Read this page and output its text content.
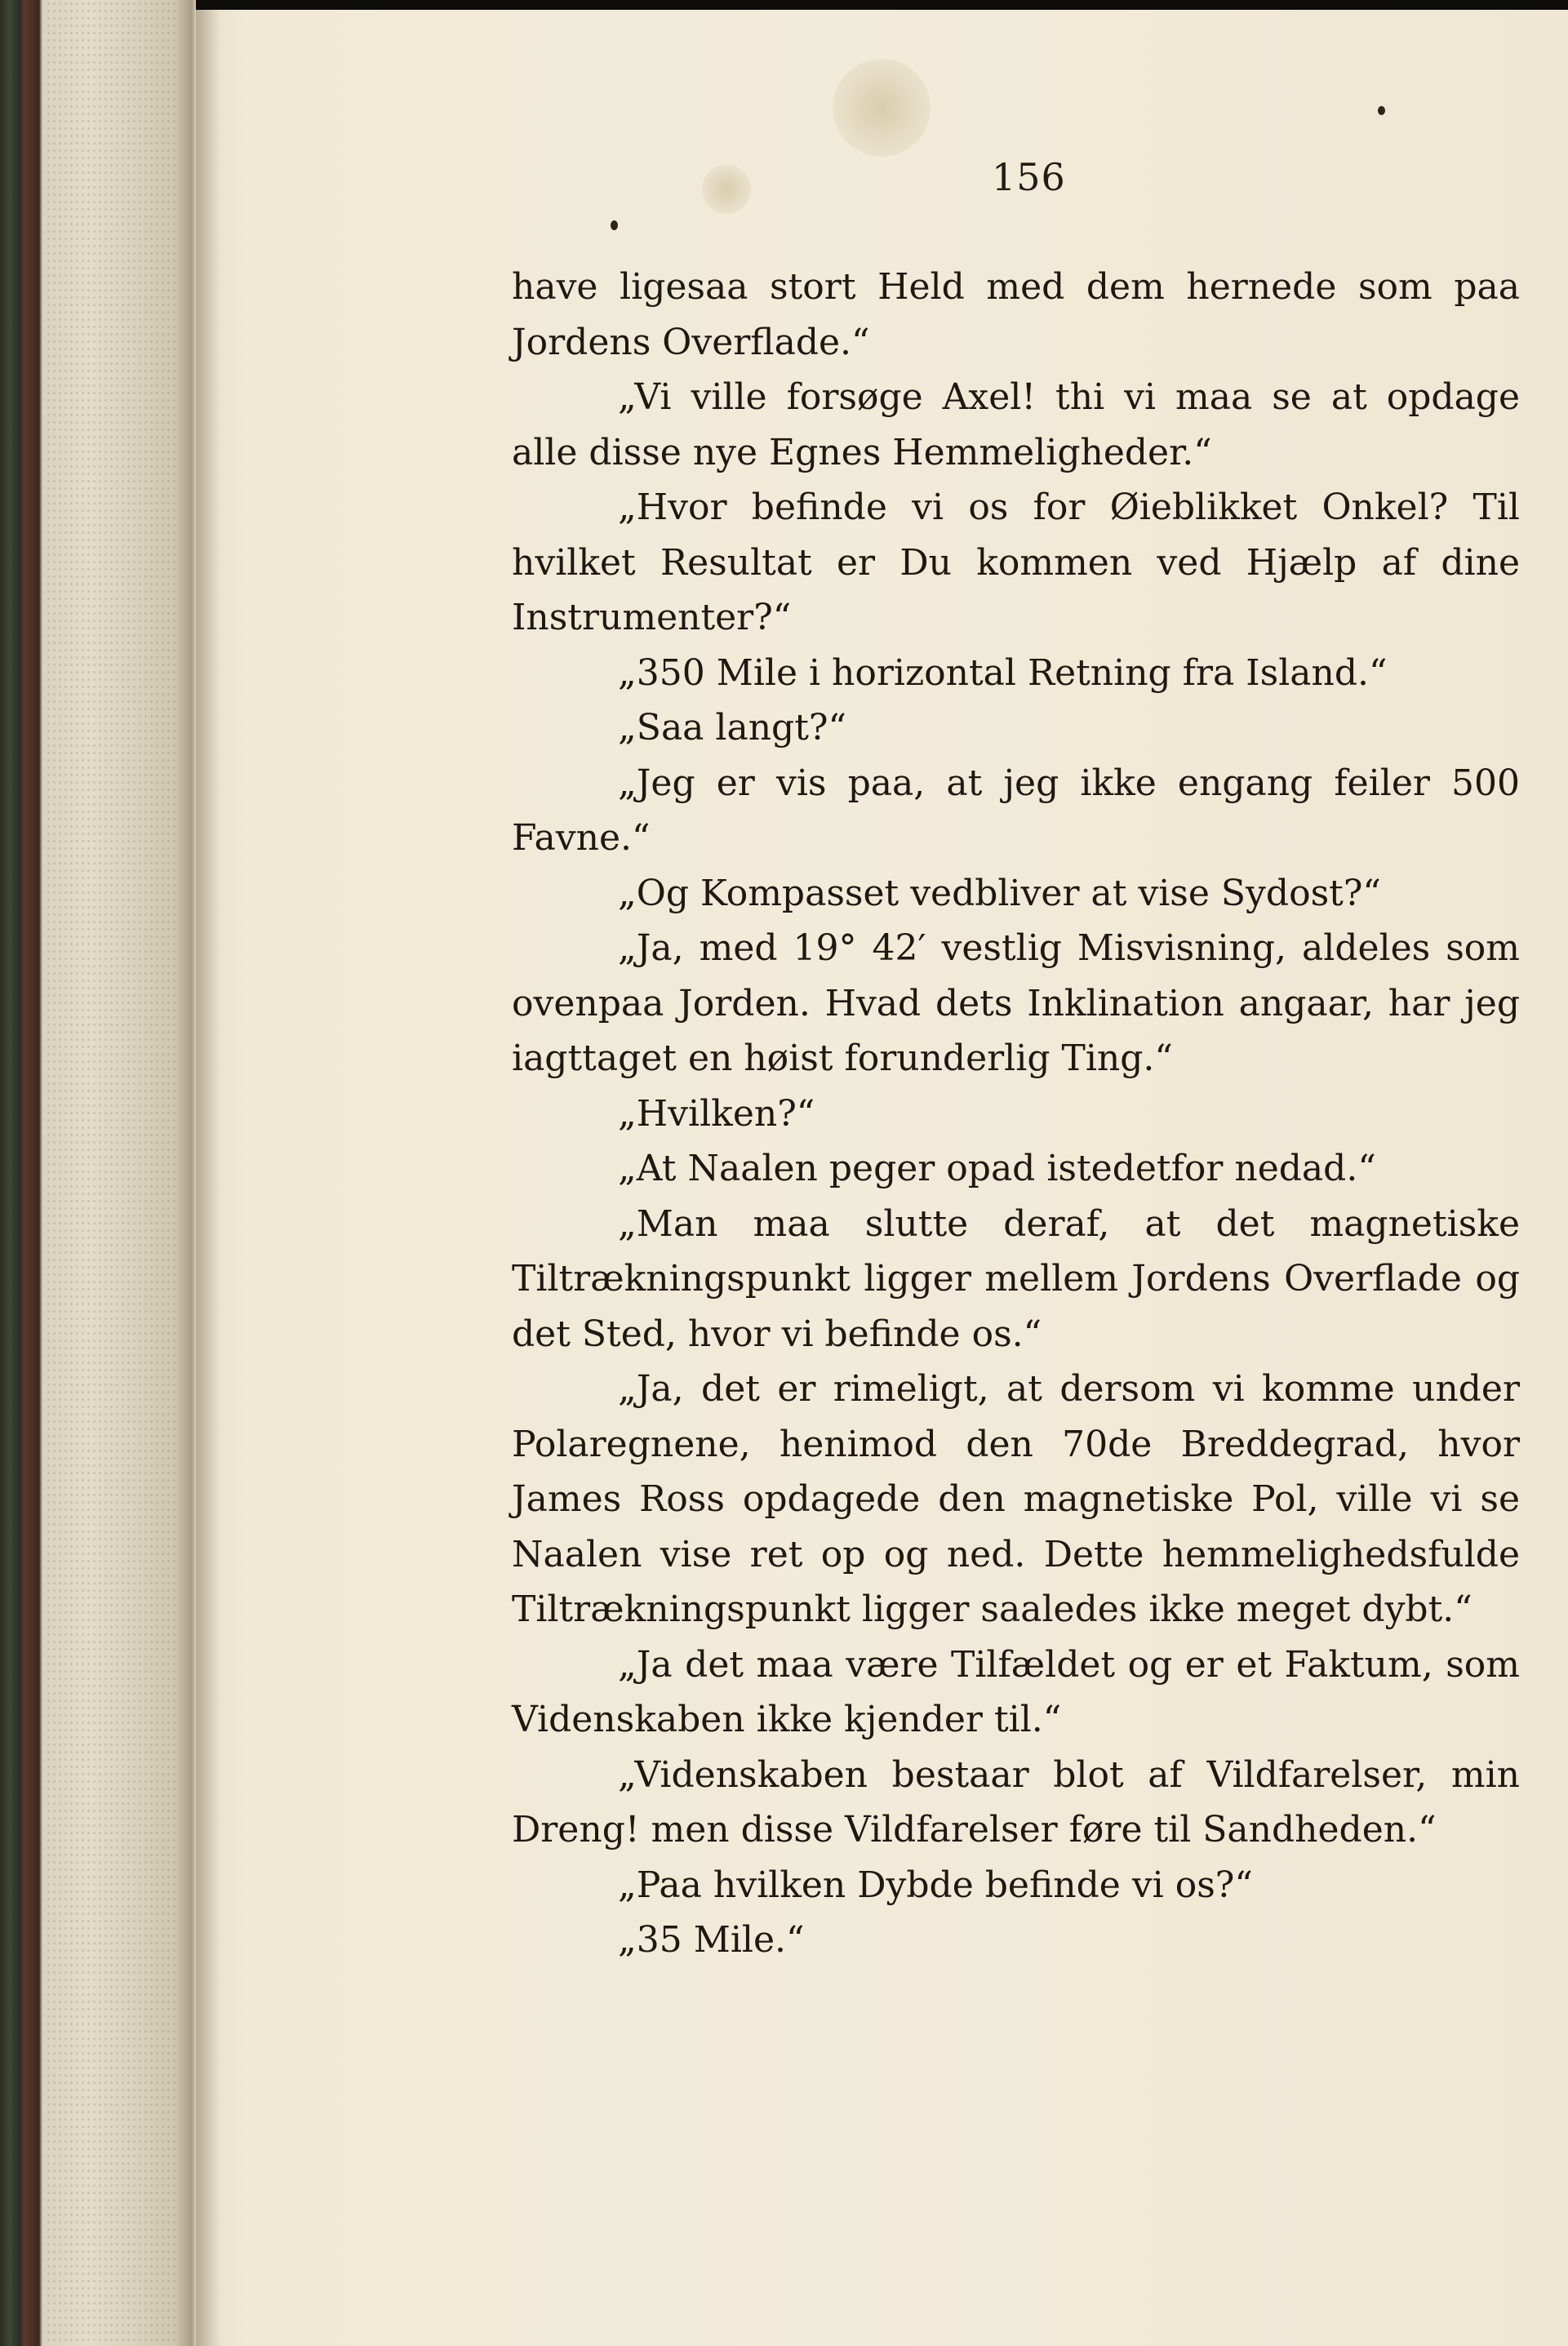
156

have ligesaa stort Held med dem hernede som paa Jordens Overflade.“

„Vi ville forsøge Axel! thi vi maa se at opdage alle disse nye Egnes Hemmeligheder.“

„Hvor befinde vi os for Øieblikket Onkel? Til hvilket Resultat er Du kommen ved Hjælp af dine Instrumenter?“

„350 Mile i horizontal Retning fra Island.“

„Saa langt?“

„Jeg er vis paa, at jeg ikke engang feiler 500 Favne.“

„Og Kompasset vedbliver at vise Sydost?“

„Ja, med 19° 42′ vestlig Misvisning, aldeles som ovenpaa Jorden. Hvad dets Inklination angaar, har jeg iagttaget en høist forunderlig Ting.“

„Hvilken?“

„At Naalen peger opad istedetfor nedad.“

„Man maa slutte deraf, at det magnetiske Tiltrækningspunkt ligger mellem Jordens Overflade og det Sted, hvor vi befinde os.“

„Ja, det er rimeligt, at dersom vi komme under Polaregnene, henimod den 70de Breddegrad, hvor James Ross opdagede den magnetiske Pol, ville vi se Naalen vise ret op og ned. Dette hemmelighedsfulde Tiltrækningspunkt ligger saaledes ikke meget dybt.“

„Ja det maa være Tilfældet og er et Faktum, som Videnskaben ikke kjender til.“

„Videnskaben bestaar blot af Vildfarelser, min Dreng! men disse Vildfarelser føre til Sandheden.“

„Paa hvilken Dybde befinde vi os?“

„35 Mile.“
